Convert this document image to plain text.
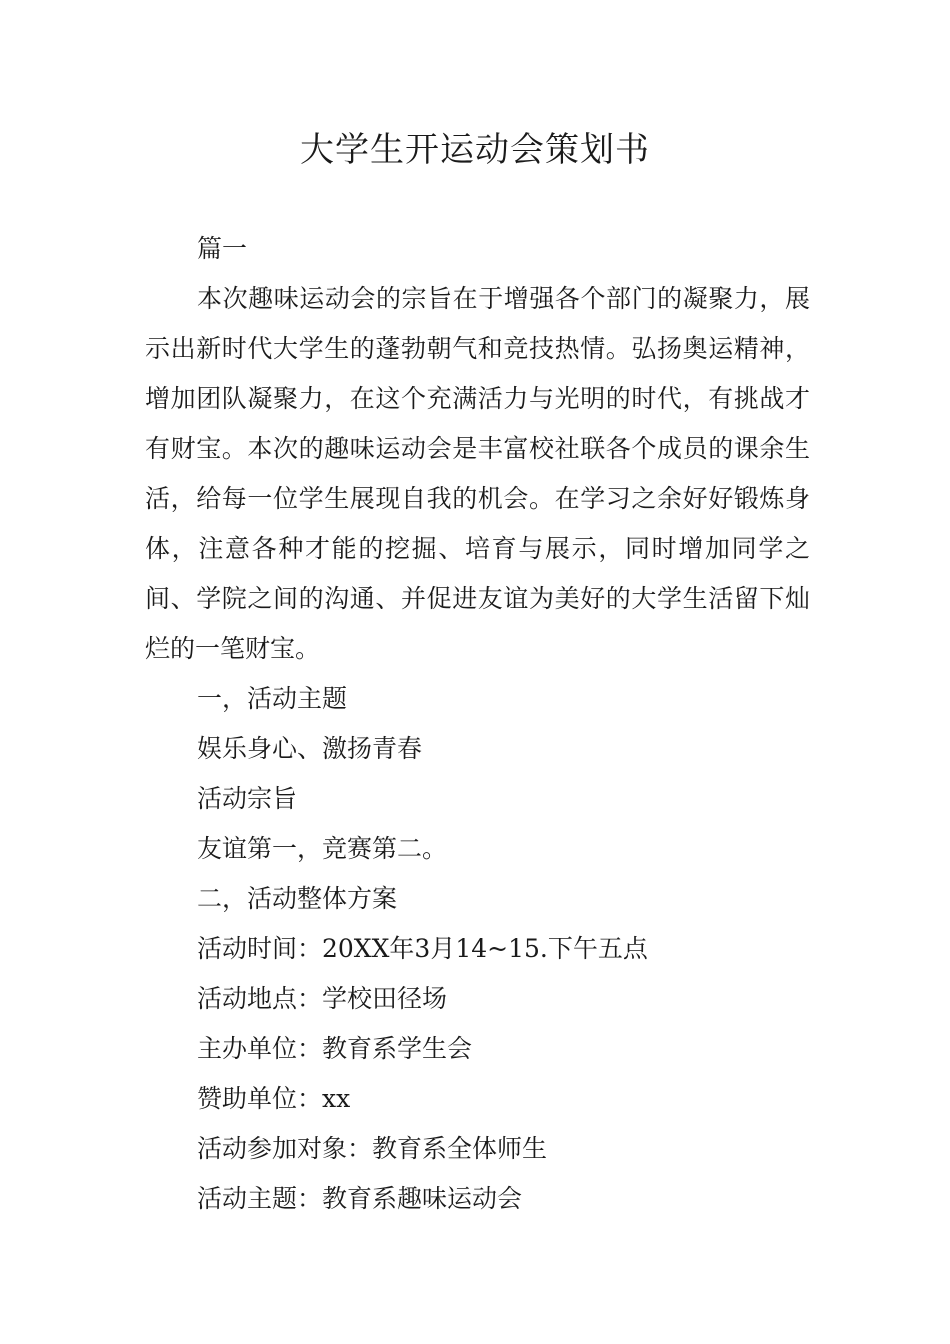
大学生开运动会策划书

篇一

本次趣味运动会的宗旨在于增强各个部门的凝聚力，展示出新时代大学生的蓬勃朝气和竞技热情。弘扬奥运精神，增加团队凝聚力，在这个充满活力与光明的时代，有挑战才有财宝。本次的趣味运动会是丰富校社联各个成员的课余生活，给每一位学生展现自我的机会。在学习之余好好锻炼身体，注意各种才能的挖掘、培育与展示，同时增加同学之间、学院之间的沟通、并促进友谊为美好的大学生活留下灿烂的一笔财宝。

一，活动主题

娱乐身心、激扬青春

活动宗旨

友谊第一，竞赛第二。

二，活动整体方案

活动时间：20XX年3月14~15.下午五点

活动地点：学校田径场

主办单位：教育系学生会

赞助单位：xx

活动参加对象：教育系全体师生

活动主题：教育系趣味运动会
